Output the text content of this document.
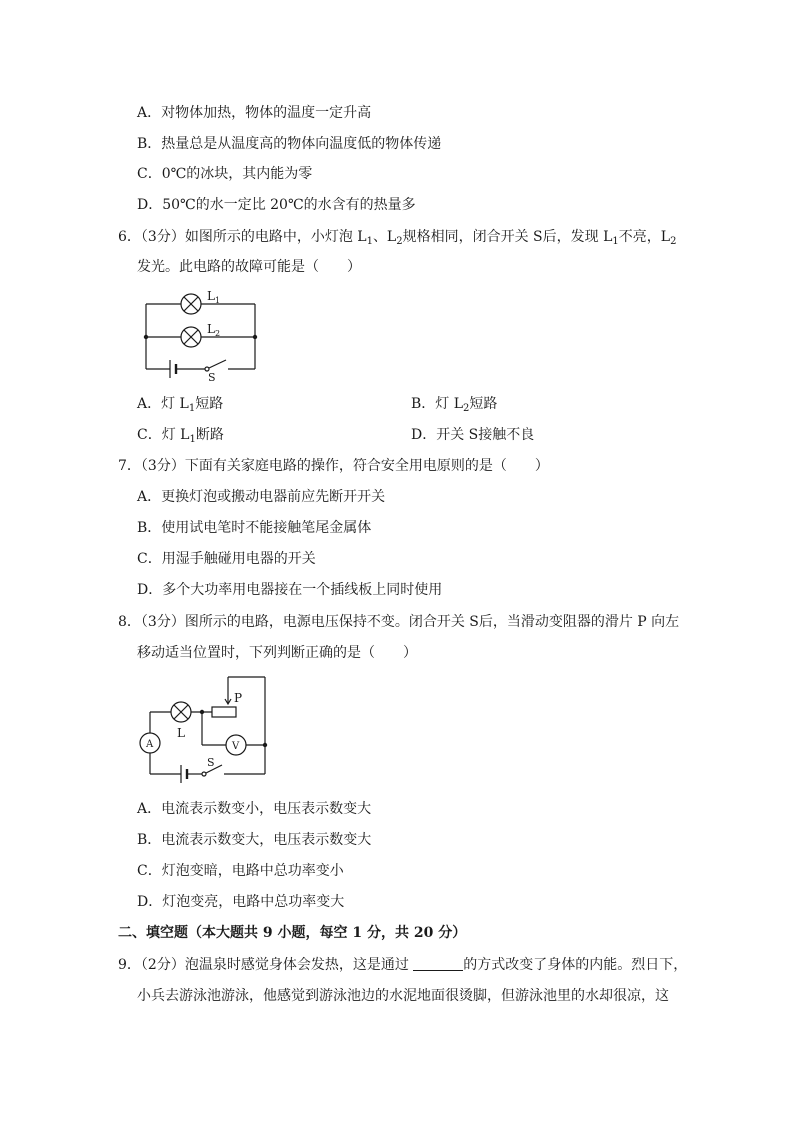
A．对物体加热，物体的温度一定升高
B．热量总是从温度高的物体向温度低的物体传递
C．0℃的冰块，其内能为零
D．50℃的水一定比 20℃的水含有的热量多
6．（3分）如图所示的电路中，小灯泡 $L_1$、$L_2$规格相同，闭合开关 S后，发现 $L_1$不亮，$L_2$
发光。此电路的故障可能是（　　）
$L_1$
$L_2$
S
P
L
A	V
S
A．灯 $L_1$短路	B．灯 $L_2$短路
C．灯 $L_1$断路	D．开关 S接触不良
7．（3分）下面有关家庭电路的操作，符合安全用电原则的是（　　）
A．更换灯泡或搬动电器前应先断开开关
B．使用试电笔时不能接触笔尾金属体
C．用湿手触碰用电器的开关
D．多个大功率用电器接在一个插线板上同时使用
8．（3分）图所示的电路，电源电压保持不变。闭合开关 S后，当滑动变阻器的滑片 P 向左
移动适当位置时，下列判断正确的是（　　）
A．电流表示数变小，电压表示数变大
B．电流表示数变大，电压表示数变大
C．灯泡变暗，电路中总功率变小
D．灯泡变亮，电路中总功率变大
二、填空题（本大题共 9 小题，每空 1 分，共 20 分）
9．（2分）泡温泉时感觉身体会发热，这是通过	的方式改变了身体的内能。烈日下，
小兵去游泳池游泳，他感觉到游泳池边的水泥地面很烫脚，但游泳池里的水却很凉，这
